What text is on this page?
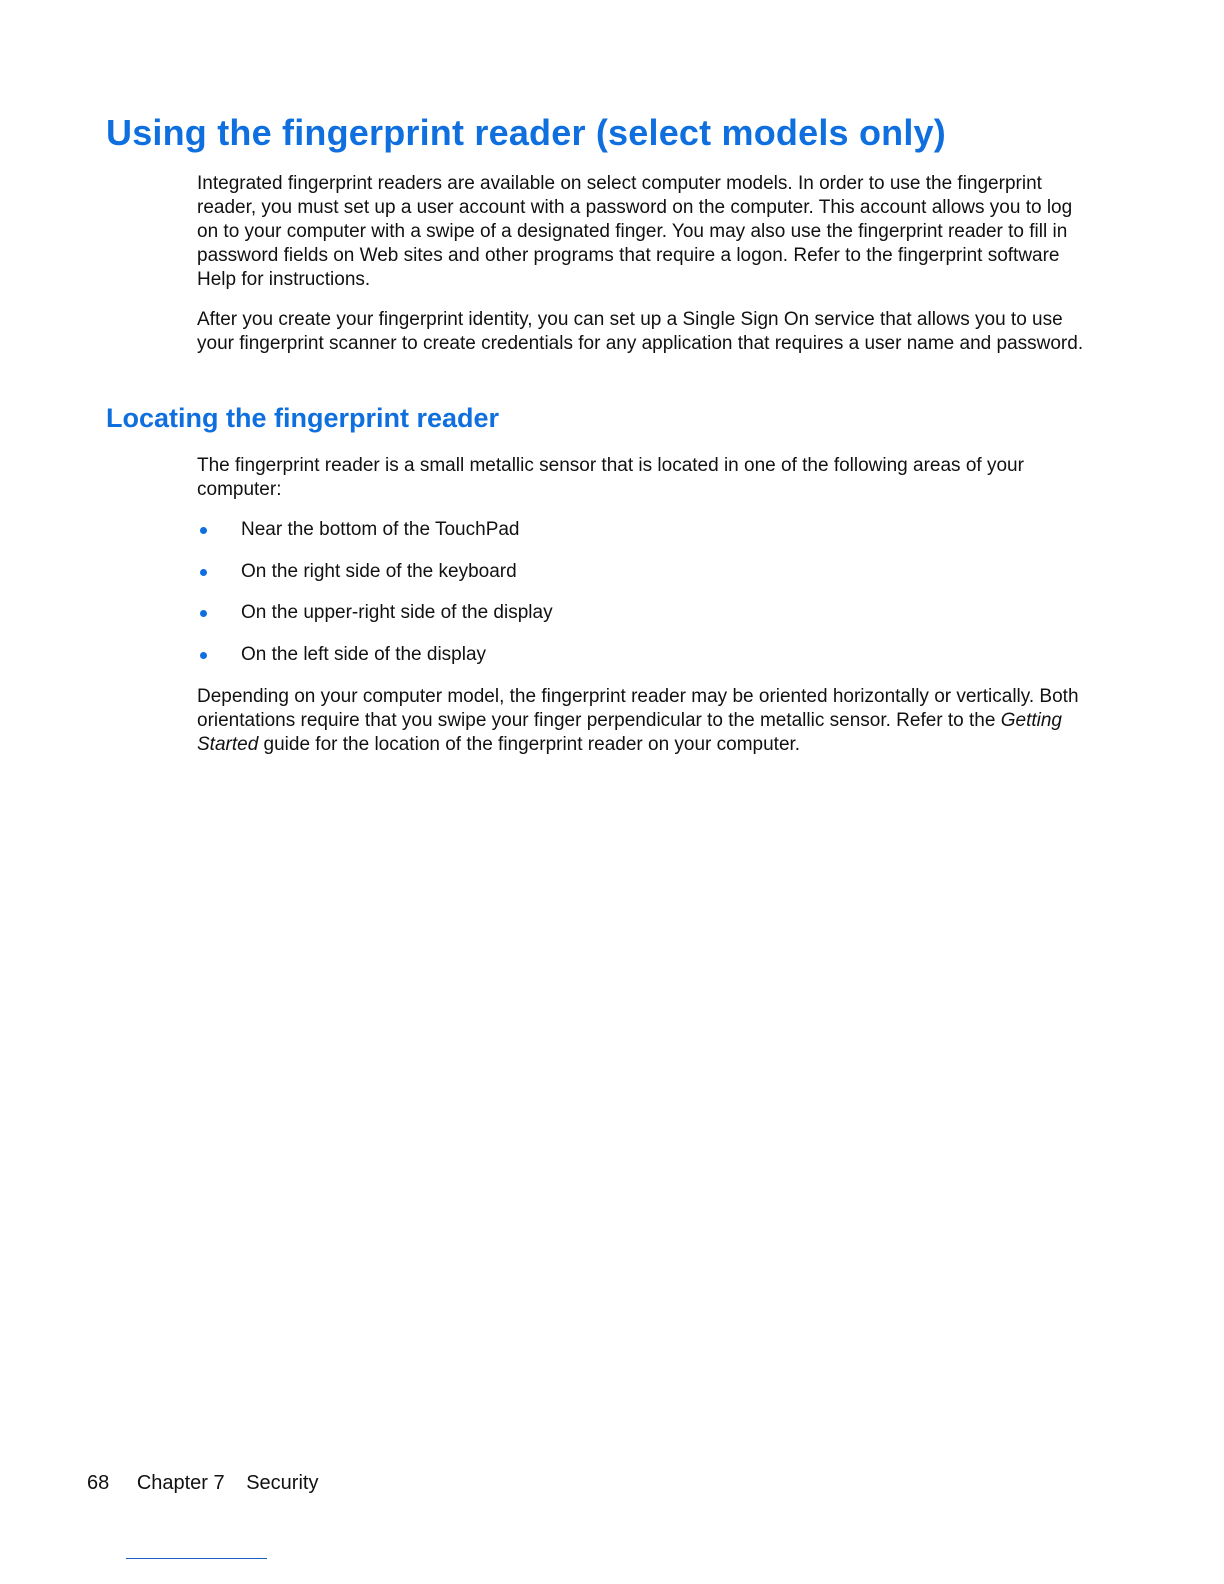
Using the fingerprint reader (select models only)

Integrated fingerprint readers are available on select computer models. In order to use the fingerprint reader, you must set up a user account with a password on the computer. This account allows you to log on to your computer with a swipe of a designated finger. You may also use the fingerprint reader to fill in password fields on Web sites and other programs that require a logon. Refer to the fingerprint software Help for instructions.

After you create your fingerprint identity, you can set up a Single Sign On service that allows you to use your fingerprint scanner to create credentials for any application that requires a user name and password.

Locating the fingerprint reader

The fingerprint reader is a small metallic sensor that is located in one of the following areas of your computer:

Near the bottom of the TouchPad
On the right side of the keyboard
On the upper-right side of the display
On the left side of the display

Depending on your computer model, the fingerprint reader may be oriented horizontally or vertically. Both orientations require that you swipe your finger perpendicular to the metallic sensor. Refer to the Getting Started guide for the location of the fingerprint reader on your computer.

68 Chapter 7 Security
